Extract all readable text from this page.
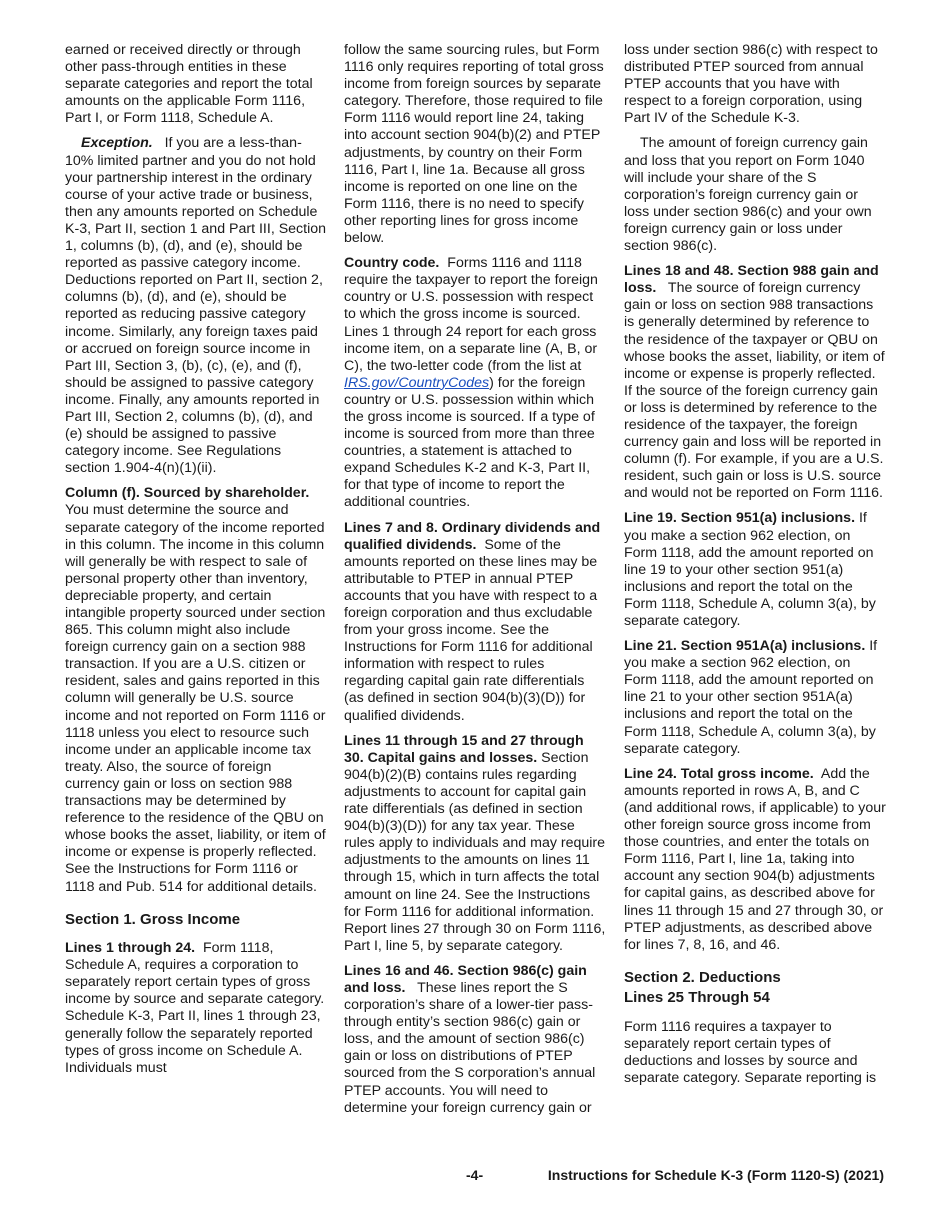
earned or received directly or through other pass-through entities in these separate categories and report the total amounts on the applicable Form 1116, Part I, or Form 1118, Schedule A.

Exception. If you are a less-than-10% limited partner and you do not hold your partnership interest in the ordinary course of your active trade or business, then any amounts reported on Schedule K-3, Part II, section 1 and Part III, Section 1, columns (b), (d), and (e), should be reported as passive category income. Deductions reported on Part II, section 2, columns (b), (d), and (e), should be reported as reducing passive category income. Similarly, any foreign taxes paid or accrued on foreign source income in Part III, Section 3, (b), (c), (e), and (f), should be assigned to passive category income. Finally, any amounts reported in Part III, Section 2, columns (b), (d), and (e) should be assigned to passive category income. See Regulations section 1.904-4(n)(1)(ii).

Column (f). Sourced by shareholder. You must determine the source and separate category of the income reported in this column. The income in this column will generally be with respect to sale of personal property other than inventory, depreciable property, and certain intangible property sourced under section 865. This column might also include foreign currency gain on a section 988 transaction. If you are a U.S. citizen or resident, sales and gains reported in this column will generally be U.S. source income and not reported on Form 1116 or 1118 unless you elect to resource such income under an applicable income tax treaty. Also, the source of foreign currency gain or loss on section 988 transactions may be determined by reference to the residence of the QBU on whose books the asset, liability, or item of income or expense is properly reflected. See the Instructions for Form 1116 or 1118 and Pub. 514 for additional details.

Section 1. Gross Income

Lines 1 through 24. Form 1118, Schedule A, requires a corporation to separately report certain types of gross income by source and separate category. Schedule K-3, Part II, lines 1 through 23, generally follow the separately reported types of gross income on Schedule A. Individuals must

follow the same sourcing rules, but Form 1116 only requires reporting of total gross income from foreign sources by separate category. Therefore, those required to file Form 1116 would report line 24, taking into account section 904(b)(2) and PTEP adjustments, by country on their Form 1116, Part I, line 1a. Because all gross income is reported on one line on the Form 1116, there is no need to specify other reporting lines for gross income below.

Country code. Forms 1116 and 1118 require the taxpayer to report the foreign country or U.S. possession with respect to which the gross income is sourced. Lines 1 through 24 report for each gross income item, on a separate line (A, B, or C), the two-letter code (from the list at IRS.gov/CountryCodes) for the foreign country or U.S. possession within which the gross income is sourced. If a type of income is sourced from more than three countries, a statement is attached to expand Schedules K-2 and K-3, Part II, for that type of income to report the additional countries.

Lines 7 and 8. Ordinary dividends and qualified dividends. Some of the amounts reported on these lines may be attributable to PTEP in annual PTEP accounts that you have with respect to a foreign corporation and thus excludable from your gross income. See the Instructions for Form 1116 for additional information with respect to rules regarding capital gain rate differentials (as defined in section 904(b)(3)(D)) for qualified dividends.

Lines 11 through 15 and 27 through 30. Capital gains and losses. Section 904(b)(2)(B) contains rules regarding adjustments to account for capital gain rate differentials (as defined in section 904(b)(3)(D)) for any tax year. These rules apply to individuals and may require adjustments to the amounts on lines 11 through 15, which in turn affects the total amount on line 24. See the Instructions for Form 1116 for additional information. Report lines 27 through 30 on Form 1116, Part I, line 5, by separate category.

Lines 16 and 46. Section 986(c) gain and loss. These lines report the S corporation’s share of a lower-tier pass-through entity’s section 986(c) gain or loss, and the amount of section 986(c) gain or loss on distributions of PTEP sourced from the S corporation’s annual PTEP accounts. You will need to determine your foreign currency gain or

loss under section 986(c) with respect to distributed PTEP sourced from annual PTEP accounts that you have with respect to a foreign corporation, using Part IV of the Schedule K-3.

The amount of foreign currency gain and loss that you report on Form 1040 will include your share of the S corporation’s foreign currency gain or loss under section 986(c) and your own foreign currency gain or loss under section 986(c).

Lines 18 and 48. Section 988 gain and loss. The source of foreign currency gain or loss on section 988 transactions is generally determined by reference to the residence of the taxpayer or QBU on whose books the asset, liability, or item of income or expense is properly reflected. If the source of the foreign currency gain or loss is determined by reference to the residence of the taxpayer, the foreign currency gain and loss will be reported in column (f). For example, if you are a U.S. resident, such gain or loss is U.S. source and would not be reported on Form 1116.

Line 19. Section 951(a) inclusions. If you make a section 962 election, on Form 1118, add the amount reported on line 19 to your other section 951(a) inclusions and report the total on the Form 1118, Schedule A, column 3(a), by separate category.

Line 21. Section 951A(a) inclusions. If you make a section 962 election, on Form 1118, add the amount reported on line 21 to your other section 951A(a) inclusions and report the total on the Form 1118, Schedule A, column 3(a), by separate category.

Line 24. Total gross income. Add the amounts reported in rows A, B, and C (and additional rows, if applicable) to your other foreign source gross income from those countries, and enter the totals on Form 1116, Part I, line 1a, taking into account any section 904(b) adjustments for capital gains, as described above for lines 11 through 15 and 27 through 30, or PTEP adjustments, as described above for lines 7, 8, 16, and 46.

Section 2. Deductions
Lines 25 Through 54

Form 1116 requires a taxpayer to separately report certain types of deductions and losses by source and separate category. Separate reporting is

-4-	Instructions for Schedule K-3 (Form 1120-S) (2021)
